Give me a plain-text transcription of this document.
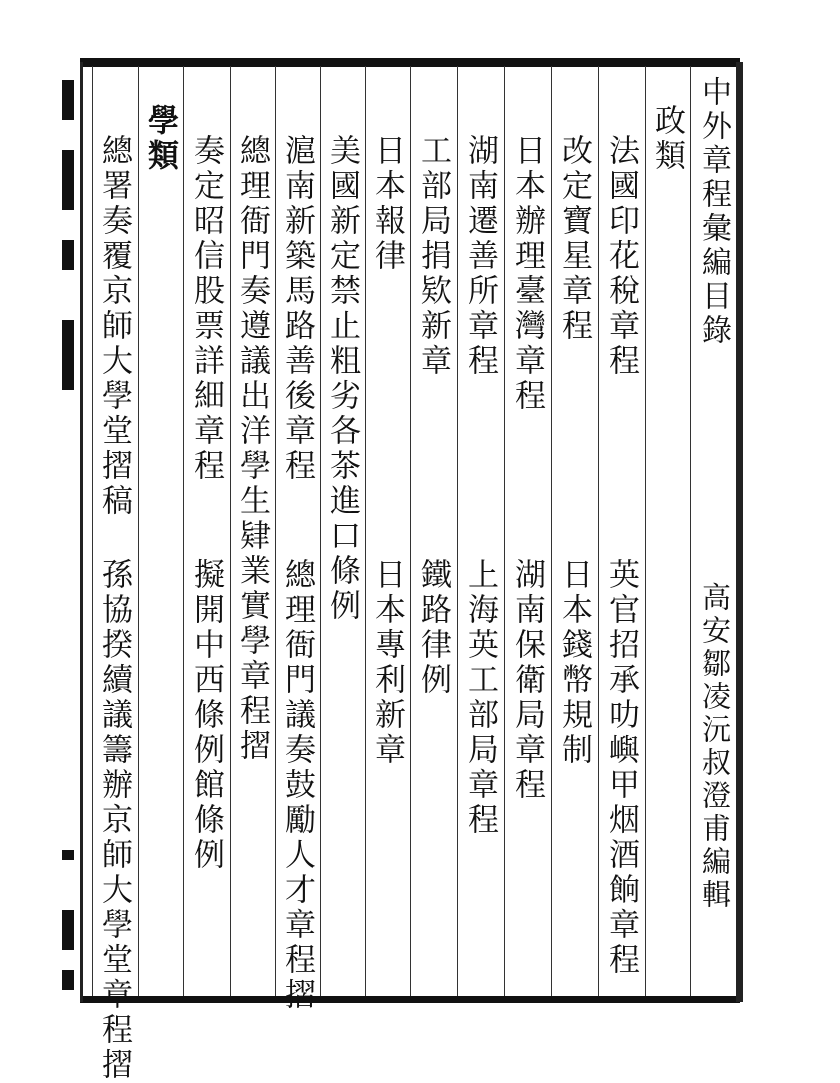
中外章程彙編目錄
高安鄒凌沅叔澄甫編輯
政類
法國印花稅章程
英官招承叻嶼甲烟酒餉章程
改定寶星章程
日本錢幣規制
日本辦理臺灣章程
湖南保衛局章程
湖南遷善所章程
上海英工部局章程
工部局捐欵新章
鐵路律例
日本報律
日本專利新章
美國新定禁止粗劣各茶進口條例
滬南新築馬路善後章程
總理衙門議奏鼓勵人才章程摺
總理衙門奏遵議出洋學生肄業實學章程摺
奏定昭信股票詳細章程
擬開中西條例館條例
學類
總署奏覆京師大學堂摺稿
孫協揆續議籌辦京師大學堂章程摺
